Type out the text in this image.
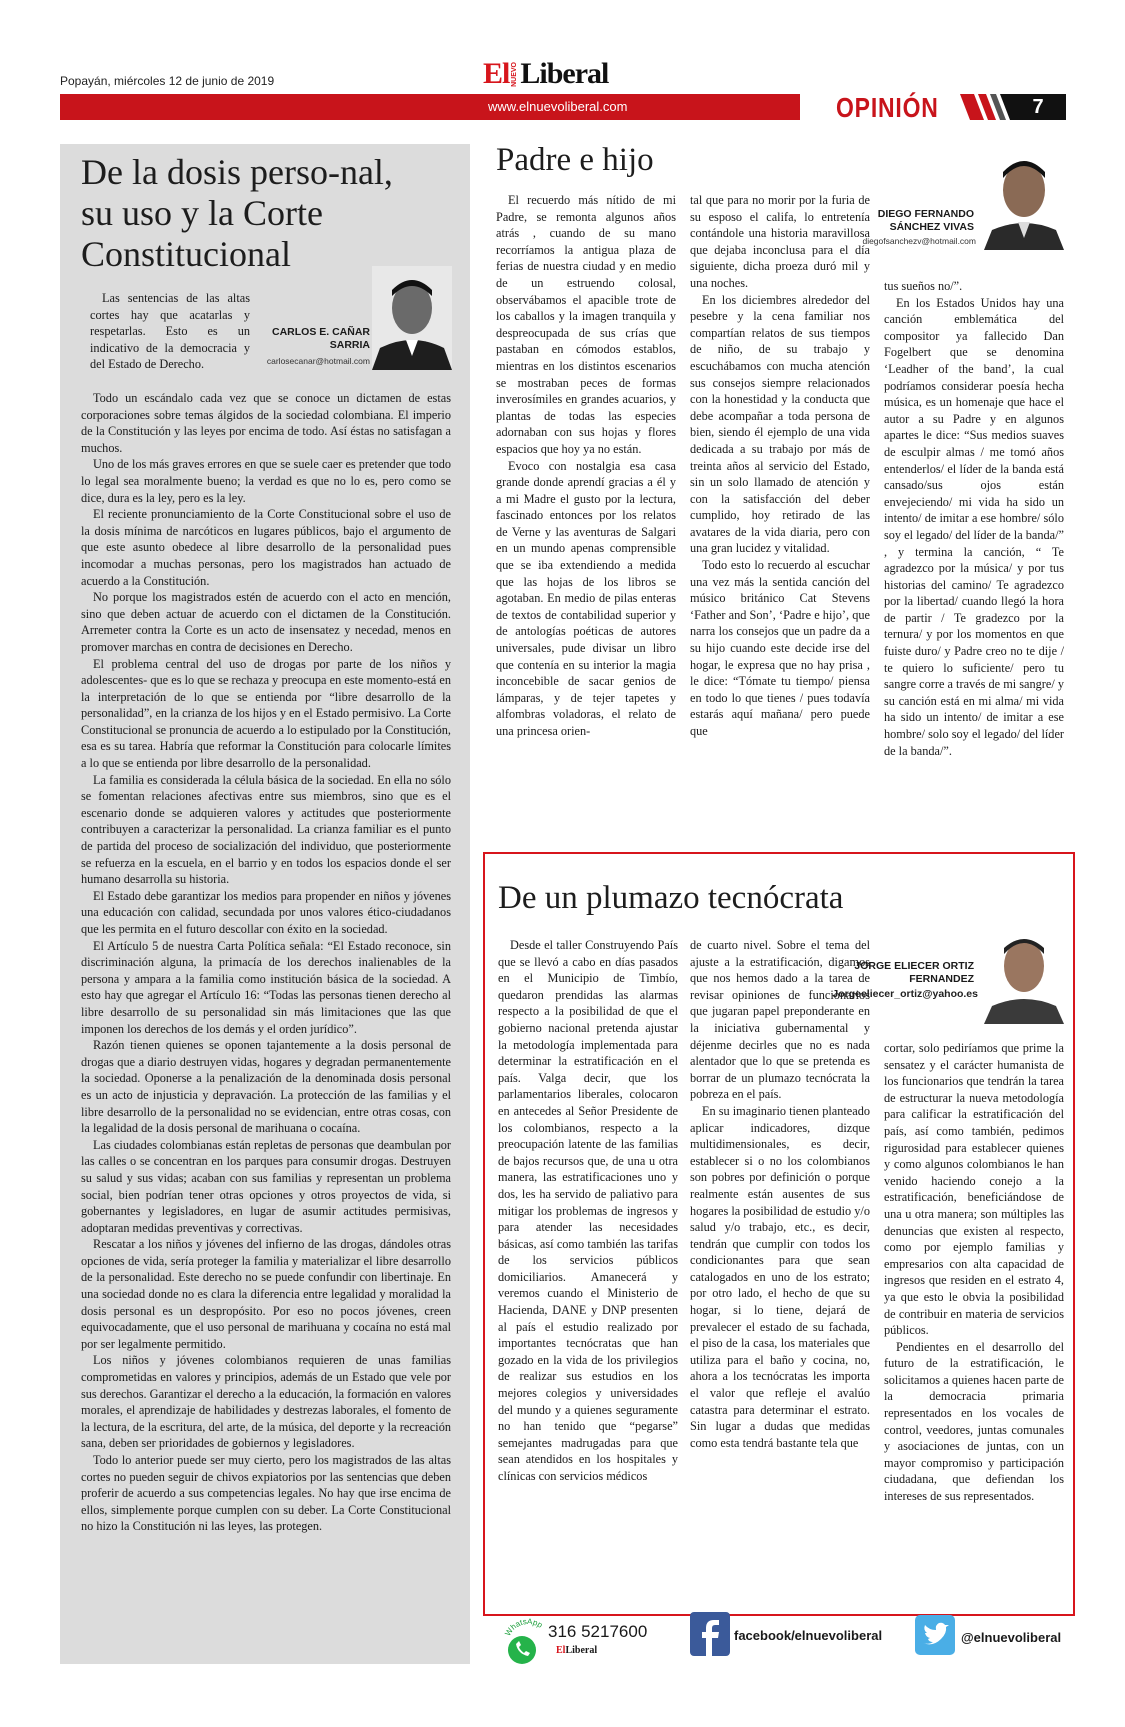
Popayán, miércoles 12 de junio de 2019	El NUEVO Liberal
www.elnuevoliberal.com	OPINIÓN	7
De la dosis perso-nal, su uso y la Corte Constitucional

Las sentencias de las altas cortes hay que acatarlas y respetarlas. Esto es un indicativo de la democracia y del Estado de Derecho.

CARLOS E. CAÑAR SARRIA
carlosecanar@hotmail.com

Todo un escándalo cada vez que se conoce un dictamen de estas corporaciones sobre temas álgidos de la sociedad colombiana. El imperio de la Constitución y las leyes por encima de todo. Así éstas no satisfagan a muchos.

Uno de los más graves errores en que se suele caer es pretender que todo lo legal sea moralmente bueno; la verdad es que no lo es, pero como se dice, dura es la ley, pero es la ley.

El reciente pronunciamiento de la Corte Constitucional sobre el uso de la dosis mínima de narcóticos en lugares públicos, bajo el argumento de que este asunto obedece al libre desarrollo de la personalidad pues incomodar a muchas personas, pero los magistrados han actuado de acuerdo a la Constitución.

No porque los magistrados estén de acuerdo con el acto en mención, sino que deben actuar de acuerdo con el dictamen de la Constitución. Arremeter contra la Corte es un acto de insensatez y necedad, menos en promover marchas en contra de decisiones en Derecho.

El problema central del uso de drogas por parte de los niños y adolescentes- que es lo que se rechaza y preocupa en este momento-está en la interpretación de lo que se entienda por “libre desarrollo de la personalidad”, en la crianza de los hijos y en el Estado permisivo. La Corte Constitucional se pronuncia de acuerdo a lo estipulado por la Constitución, esa es su tarea. Habría que reformar la Constitución para colocarle límites a lo que se entienda por libre desarrollo de la personalidad.

La familia es considerada la célula básica de la sociedad. En ella no sólo se fomentan relaciones afectivas entre sus miembros, sino que es el escenario donde se adquieren valores y actitudes que posteriormente contribuyen a caracterizar la personalidad. La crianza familiar es el punto de partida del proceso de socialización del individuo, que posteriormente se refuerza en la escuela, en el barrio y en todos los espacios donde el ser humano desarrolla su historia.

El Estado debe garantizar los medios para propender en niños y jóvenes una educación con calidad, secundada por unos valores ético-ciudadanos que les permita en el futuro descollar con éxito en la sociedad.

El Artículo 5 de nuestra Carta Política señala: “El Estado reconoce, sin discriminación alguna, la primacía de los derechos inalienables de la persona y ampara a la familia como institución básica de la sociedad. A esto hay que agregar el Artículo 16: “Todas las personas tienen derecho al libre desarrollo de su personalidad sin más limitaciones que las que imponen los derechos de los demás y el orden jurídico”.

Razón tienen quienes se oponen tajantemente a la dosis personal de drogas que a diario destruyen vidas, hogares y degradan permanentemente la sociedad. Oponerse a la penalización de la denominada dosis personal es un acto de injusticia y depravación. La protección de las familias y el libre desarrollo de la personalidad no se evidencian, entre otras cosas, con la legalidad de la dosis personal de marihuana o cocaína.

Las ciudades colombianas están repletas de personas que deambulan por las calles o se concentran en los parques para consumir drogas. Destruyen su salud y sus vidas; acaban con sus familias y representan un problema social, bien podrían tener otras opciones y otros proyectos de vida, si gobernantes y legisladores, en lugar de asumir actitudes permisivas, adoptaran medidas preventivas y correctivas.

Rescatar a los niños y jóvenes del infierno de las drogas, dándoles otras opciones de vida, sería proteger la familia y materializar el libre desarrollo de la personalidad. Este derecho no se puede confundir con libertinaje. En una sociedad donde no es clara la diferencia entre legalidad y moralidad la dosis personal es un despropósito. Por eso no pocos jóvenes, creen equivocadamente, que el uso personal de marihuana y cocaína no está mal por ser legalmente permitido.

Los niños y jóvenes colombianos requieren de unas familias comprometidas en valores y principios, además de un Estado que vele por sus derechos. Garantizar el derecho a la educación, la formación en valores morales, el aprendizaje de habilidades y destrezas laborales, el fomento de la lectura, de la escritura, del arte, de la música, del deporte y la recreación sana, deben ser prioridades de gobiernos y legisladores.

Todo lo anterior puede ser muy cierto, pero los magistrados de las altas cortes no pueden seguir de chivos expiatorios por las sentencias que deben proferir de acuerdo a sus competencias legales. No hay que irse encima de ellos, simplemente porque cumplen con su deber. La Corte Constitucional no hizo la Constitución ni las leyes, las protegen.

Padre e hijo
DIEGO FERNANDO SÁNCHEZ VIVAS
diegofsanchezv@hotmail.com

El recuerdo más nítido de mi Padre, se remonta algunos años atrás , cuando de su mano recorríamos la antigua plaza de ferias de nuestra ciudad y en medio de un estruendo colosal, observábamos el apacible trote de los caballos y la imagen tranquila y despreocupada de sus crías que pastaban en cómodos establos, mientras en los distintos escenarios se mostraban peces de formas inverosímiles en grandes acuarios, y plantas de todas las especies adornaban con sus hojas y flores espacios que hoy ya no están.

Evoco con nostalgia esa casa grande donde aprendí gracias a él y a mi Madre el gusto por la lectura, fascinado entonces por los relatos de Verne y las aventuras de Salgari en un mundo apenas comprensible que se iba extendiendo a medida que las hojas de los libros se agotaban. En medio de pilas enteras de textos de contabilidad superior y de antologías poéticas de autores universales, pude divisar un libro que contenía en su interior la magia inconcebible de sacar genios de lámparas, y de tejer tapetes y alfombras voladoras, el relato de una princesa orien-

tal que para no morir por la furia de su esposo el califa, lo entretenía contándole una historia maravillosa que dejaba inconclusa para el día siguiente, dicha proeza duró mil y una noches.

En los diciembres alrededor del pesebre y la cena familiar nos compartían relatos de sus tiempos de niño, de su trabajo y escuchábamos con mucha atención sus consejos siempre relacionados con la honestidad y la conducta que debe acompañar a toda persona de bien, siendo él ejemplo de una vida dedicada a su trabajo por más de treinta años al servicio del Estado, sin un solo llamado de atención y con la satisfacción del deber cumplido, hoy retirado de las avatares de la vida diaria, pero con una gran lucidez y vitalidad.

Todo esto lo recuerdo al escuchar una vez más la sentida canción del músico británico Cat Stevens ‘Father and Son’, ‘Padre e hijo’, que narra los consejos que un padre da a su hijo cuando este decide irse del hogar, le expresa que no hay prisa , le dice: “Tómate tu tiempo/ piensa en todo lo que tienes / pues todavía estarás aquí mañana/ pero puede que

tus sueños no/”.

En los Estados Unidos hay una canción emblemática del compositor ya fallecido Dan Fogelbert que se denomina ‘Leadher of the band’, la cual podríamos considerar poesía hecha música, es un homenaje que hace el autor a su Padre y en algunos apartes le dice: “Sus medios suaves de esculpir almas / me tomó años entenderlos/ el líder de la banda está cansado/sus ojos están envejeciendo/ mi vida ha sido un intento/ de imitar a ese hombre/ sólo soy el legado/ del líder de la banda/” , y termina la canción, “ Te agradezco por la música/ y por tus historias del camino/ Te agradezco por la libertad/ cuando llegó la hora de partir / Te gradezco por la ternura/ y por los momentos en que fuiste duro/ y Padre creo no te dije / te quiero lo suficiente/ pero tu sangre corre a través de mi sangre/ y su canción está en mi alma/ mi vida ha sido un intento/ de imitar a ese hombre/ solo soy el legado/ del líder de la banda/”.

De un plumazo tecnócrata
JORGE ELIECER ORTIZ FERNANDEZ
Jorgeeliecer_ortiz@yahoo.es

Desde el taller Construyendo País que se llevó a cabo en días pasados en el Municipio de Timbío, quedaron prendidas las alarmas respecto a la posibilidad de que el gobierno nacional pretenda ajustar la metodología implementada para determinar la estratificación en el país. Valga decir, que los parlamentarios liberales, colocaron en antecedes al Señor Presidente de los colombianos, respecto a la preocupación latente de las familias de bajos recursos que, de una u otra manera, las estratificaciones uno y dos, les ha servido de paliativo para mitigar los problemas de ingresos y para atender las necesidades básicas, así como también las tarifas de los servicios públicos domiciliarios. Amanecerá y veremos cuando el Ministerio de Hacienda, DANE y DNP presenten al país el estudio realizado por importantes tecnócratas que han gozado en la vida de los privilegios de realizar sus estudios en los mejores colegios y universidades del mundo y a quienes seguramente no han tenido que “pegarse” semejantes madrugadas para que sean atendidos en los hospitales y clínicas con servicios médicos

de cuarto nivel. Sobre el tema del ajuste a la estratificación, digamos que nos hemos dado a la tarea de revisar opiniones de funcionarios que jugaran papel preponderante en la iniciativa gubernamental y déjenme decirles que no es nada alentador que lo que se pretenda es borrar de un plumazo tecnócrata la pobreza en el país.

En su imaginario tienen planteado aplicar indicadores, dizque multidimensionales, es decir, establecer si o no los colombianos son pobres por definición o porque realmente están ausentes de sus hogares la posibilidad de estudio y/o salud y/o trabajo, etc., es decir, tendrán que cumplir con todos los condicionantes para que sean catalogados en uno de los estrato; por otro lado, el hecho de que su hogar, si lo tiene, dejará de prevalecer el estado de su fachada, el piso de la casa, los materiales que utiliza para el baño y cocina, no, ahora a los tecnócratas les importa el valor que refleje el avalúo catastra para determinar el estrato. Sin lugar a dudas que medidas como esta tendrá bastante tela que

cortar, solo pediríamos que prime la sensatez y el carácter humanista de los funcionarios que tendrán la tarea de estructurar la nueva metodología para calificar la estratificación del país, así como también, pedimos rigurosidad para establecer quienes y como algunos colombianos le han venido haciendo conejo a la estratificación, beneficiándose de una u otra manera; son múltiples las denuncias que existen al respecto, como por ejemplo familias y empresarios con alta capacidad de ingresos que residen en el estrato 4, ya que esto le obvia la posibilidad de contribuir en materia de servicios públicos.

Pendientes en el desarrollo del futuro de la estratificación, le solicitamos a quienes hacen parte de la democracia primaria representados en los vocales de control, veedores, juntas comunales y asociaciones de juntas, con un mayor compromiso y participación ciudadana, que defiendan los intereses de sus representados.

WhatsApp 316 5217600
ElLiberal
facebook/elnuevoliberal	@elnuevoliberal
